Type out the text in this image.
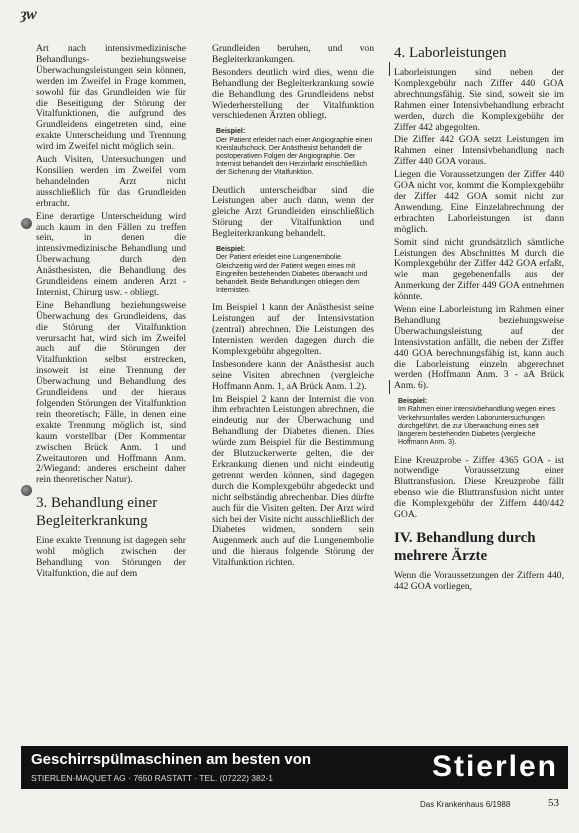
ȝw

Art nach intensivmedizinische Behandlungs- beziehungsweise Überwachungsleistungen sein können, werden im Zweifel in Frage kommen, sowohl für das Grundleiden wie für die Beseitigung der Störung der Vitalfunktionen, die aufgrund des Grundleidens eingetreten sind, eine exakte Unterscheidung und Trennung wird im Zweifel nicht möglich sein.

Auch Visiten, Untersuchungen und Konsilien werden im Zweifel vom behandelnden Arzt nicht ausschließlich für das Grundleiden erbracht.

Eine derartige Unterscheidung wird auch kaum in den Fällen zu treffen sein, in denen die intensivmedizinische Behandlung und Überwachung durch den Anästhesisten, die Behandlung des Grundleidens einem anderen Arzt - Internist, Chirurg usw. - obliegt.

Eine Behandlung beziehungsweise Überwachung des Grundleidens, das die Störung der Vitalfunktion verursacht hat, wird sich im Zweifel auch auf die Störungen der Vitalfunktion selbst erstrecken, insoweit ist eine Trennung der Überwachung und Behandlung des Grundleidens und der hieraus folgenden Störungen der Vitalfunktion rein theoretisch; Fälle, in denen eine exakte Trennung möglich ist, sind kaum vorstellbar (Der Kommentar zwischen Brück Anm. 1 und Zweitautoren und Hoffmann Anm. 2/Wiegand: anderes erscheint daher rein theoretischer Natur).

3. Behandlung einer Begleiterkrankung

Eine exakte Trennung ist dagegen sehr wohl möglich zwischen der Behandlung von Störungen der Vitalfunktion, die auf dem

Grundleiden beruhen, und von Begleiterkrankungen.

Besonders deutlich wird dies, wenn die Behandlung der Begleiterkrankung sowie die Behandlung des Grundleidens nebst Wiederherstellung der Vitalfunktion verschiedenen Ärzten obliegt.

Beispiel:
Der Patient erleidet nach einer Angiographie einen Kreislaufschock. Der Anästhesist behandelt die postoperativen Folgen der Angiographie. Der Internist behandelt den Herzinfarkt einschließlich der Sicherung der Vitalfunktion.

Deutlich unterscheidbar sind die Leistungen aber auch dann, wenn der gleiche Arzt Grundleiden einschließlich Störung der Vitalfunktion und Begleiterkrankung behandelt.

Beispiel:
Der Patient erleidet eine Lungenembolie. Gleichzeitig wird der Patient wegen eines mit Eingreifen bestehenden Diabetes überwacht und behandelt. Beide Behandlungen obliegen dem Internisten.

Im Beispiel 1 kann der Anästhesist seine Leistungen auf der Intensivstation (zentral) abrechnen. Die Leistungen des Internisten werden dagegen durch die Komplexgebühr abgegolten.

Insbesondere kann der Anästhesist auch seine Visiten abrechnen (vergleiche Hoffmann Anm. 1, aA Brück Anm. 1.2).

Im Beispiel 2 kann der Internist die von ihm erbrachten Leistungen abrechnen, die eindeutig nur der Überwachung und Behandlung der Diabetes dienen. Dies würde zum Beispiel für die Bestimmung der Blutzuckerwerte gelten, die der Erkrankung dienen und nicht eindeutig getrennt werden können, sind dagegen durch die Komplexgebühr abgedeckt und nicht selbständig abrechenbar. Dies dürfte auch für die Visiten gelten. Der Arzt wird sich bei der Visite nicht ausschließlich der Diabetes widmen, sondern sein Augenmerk auch auf die Lungenembolie und die hieraus folgende Störung der Vitalfunktion richten.

4. Laborleistungen

Laborleistungen sind neben der Komplexgebühr nach Ziffer 440 GOA abrechnungsfähig. Sie sind, soweit sie im Rahmen einer Intensivbehandlung erbracht werden, durch die Komplexgebühr der Ziffer 442 abgegolten.

Die Ziffer 442 GOA setzt Leistungen im Rahmen einer Intensivbehandlung nach Ziffer 440 GOA voraus.

Liegen die Voraussetzungen der Ziffer 440 GOA nicht vor, kommt die Komplexgebühr der Ziffer 442 GOA somit nicht zur Anwendung. Eine Einzelabrechnung der erbrachten Laborleistungen ist dann möglich.

Somit sind nicht grundsätzlich sämtliche Leistungen des Abschnittes M durch die Komplexgebühr der Ziffer 442 GOA erfaßt, wie man gegebenenfalls aus der Anmerkung der Ziffer 449 GOA entnehmen könnte.

Wenn eine Laborleistung im Rahmen einer Behandlung beziehungsweise Überwachungsleistung auf der Intensivstation anfällt, die neben der Ziffer 440 GOA berechnungsfähig ist, kann auch die Laborleistung einzeln abgerechnet werden (Hoffmann Anm. 3 - aA Brück Anm. 6).

Beispiel:
Im Rahmen einer intensivbehandlung wegen eines Verkehrsunfalles werden Laboruntersuchungen durchgeführt, die zur Überwachung eines seit längerem bestehenden Diabetes (vergleiche Hoffmann Anm. 3).

Eine Kreuzprobe - Ziffer 4365 GOA - ist notwendige Voraussetzung einer Bluttransfusion. Diese Kreuzprobe fällt ebenso wie die Bluttransfusion nicht unter die Komplexgebühr der Ziffern 440/442 GOA.

IV. Behandlung durch mehrere Ärzte

Wenn die Voraussetzungen der Ziffern 440, 442 GOA vorliegen,

Geschirrspülmaschinen am besten von
STIERLEN-MAQUET AG · 7650 RASTATT · TEL. (07222) 382-1	Stierlen
Das Krankenhaus 6/1988	53
